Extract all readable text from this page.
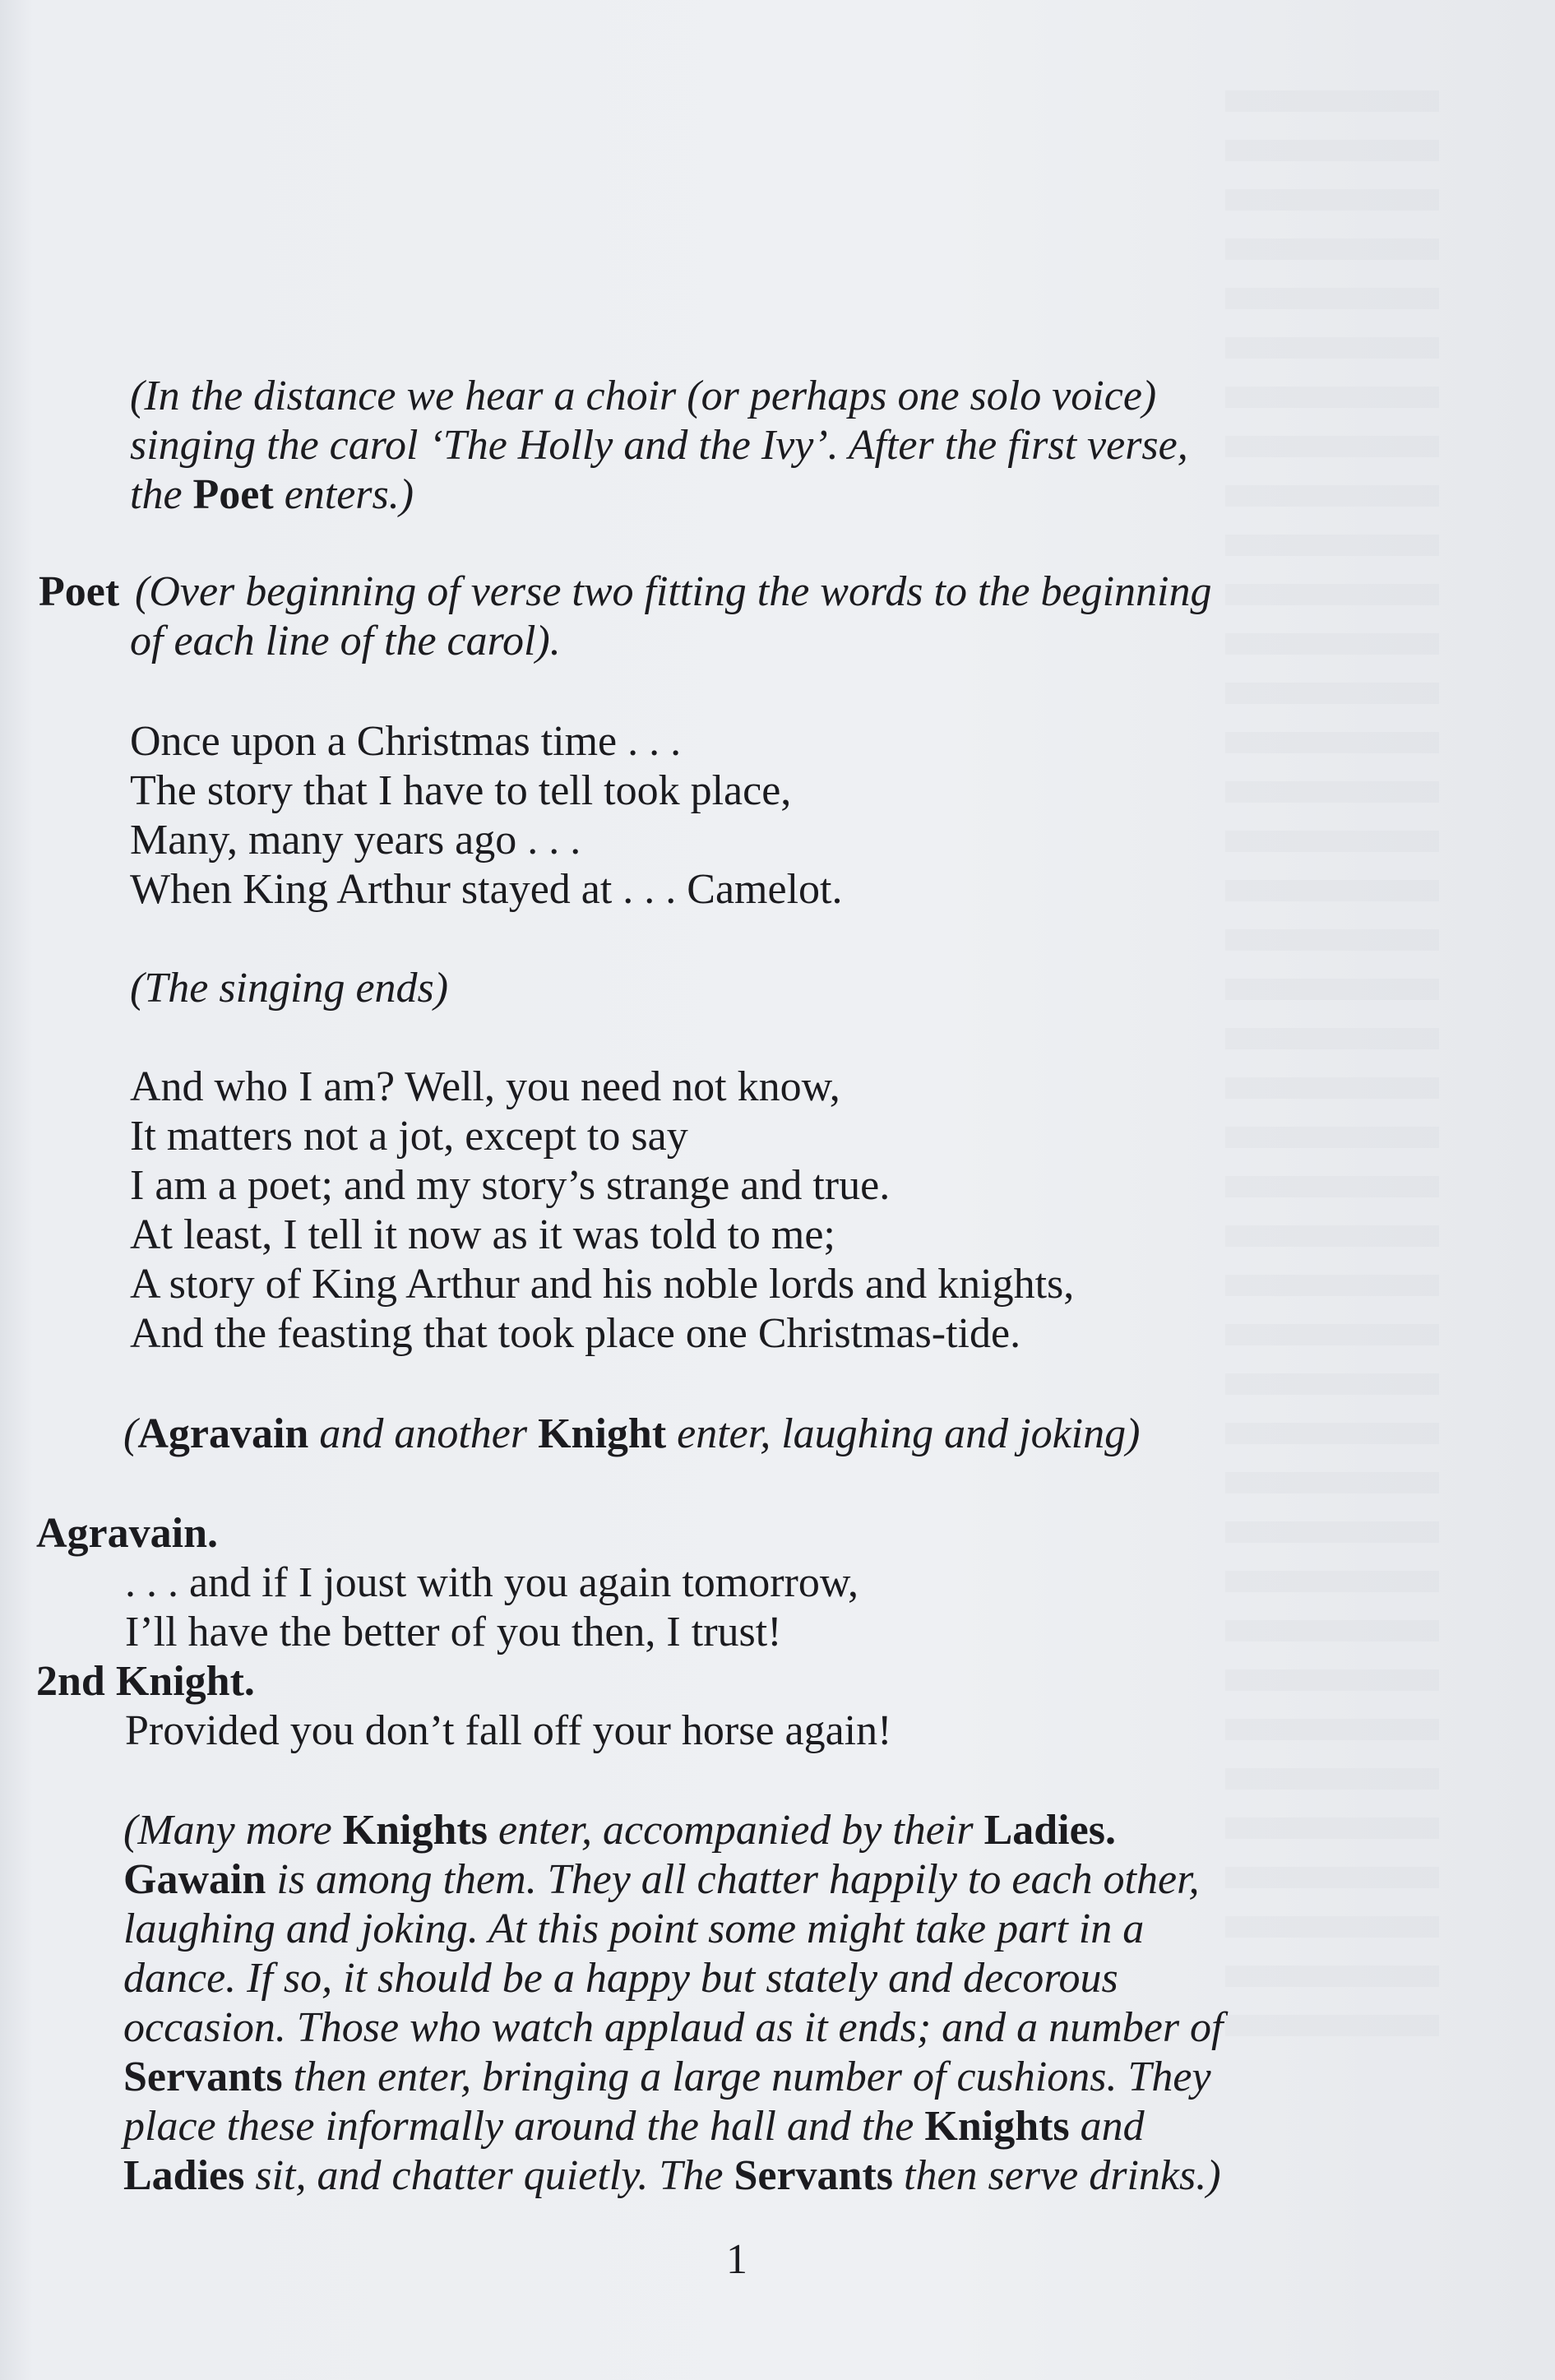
(In the distance we hear a choir (or perhaps one solo voice)
singing the carol ‘The Holly and the Ivy’. After the first verse,
the Poet enters.)
Poet (Over beginning of verse two fitting the words to the beginning
of each line of the carol).
Once upon a Christmas time . . .
The story that I have to tell took place,
Many, many years ago . . .
When King Arthur stayed at . . . Camelot.
(The singing ends)
And who I am? Well, you need not know,
It matters not a jot, except to say
I am a poet; and my story’s strange and true.
At least, I tell it now as it was told to me;
A story of King Arthur and his noble lords and knights,
And the feasting that took place one Christmas-tide.
(Agravain and another Knight enter, laughing and joking)
Agravain.
. . . and if I joust with you again tomorrow,
I’ll have the better of you then, I trust!
2nd Knight.
Provided you don’t fall off your horse again!
(Many more Knights enter, accompanied by their Ladies.
Gawain is among them. They all chatter happily to each other,
laughing and joking. At this point some might take part in a
dance. If so, it should be a happy but stately and decorous
occasion. Those who watch applaud as it ends; and a number of
Servants then enter, bringing a large number of cushions. They
place these informally around the hall and the Knights and
Ladies sit, and chatter quietly. The Servants then serve drinks.)
1
